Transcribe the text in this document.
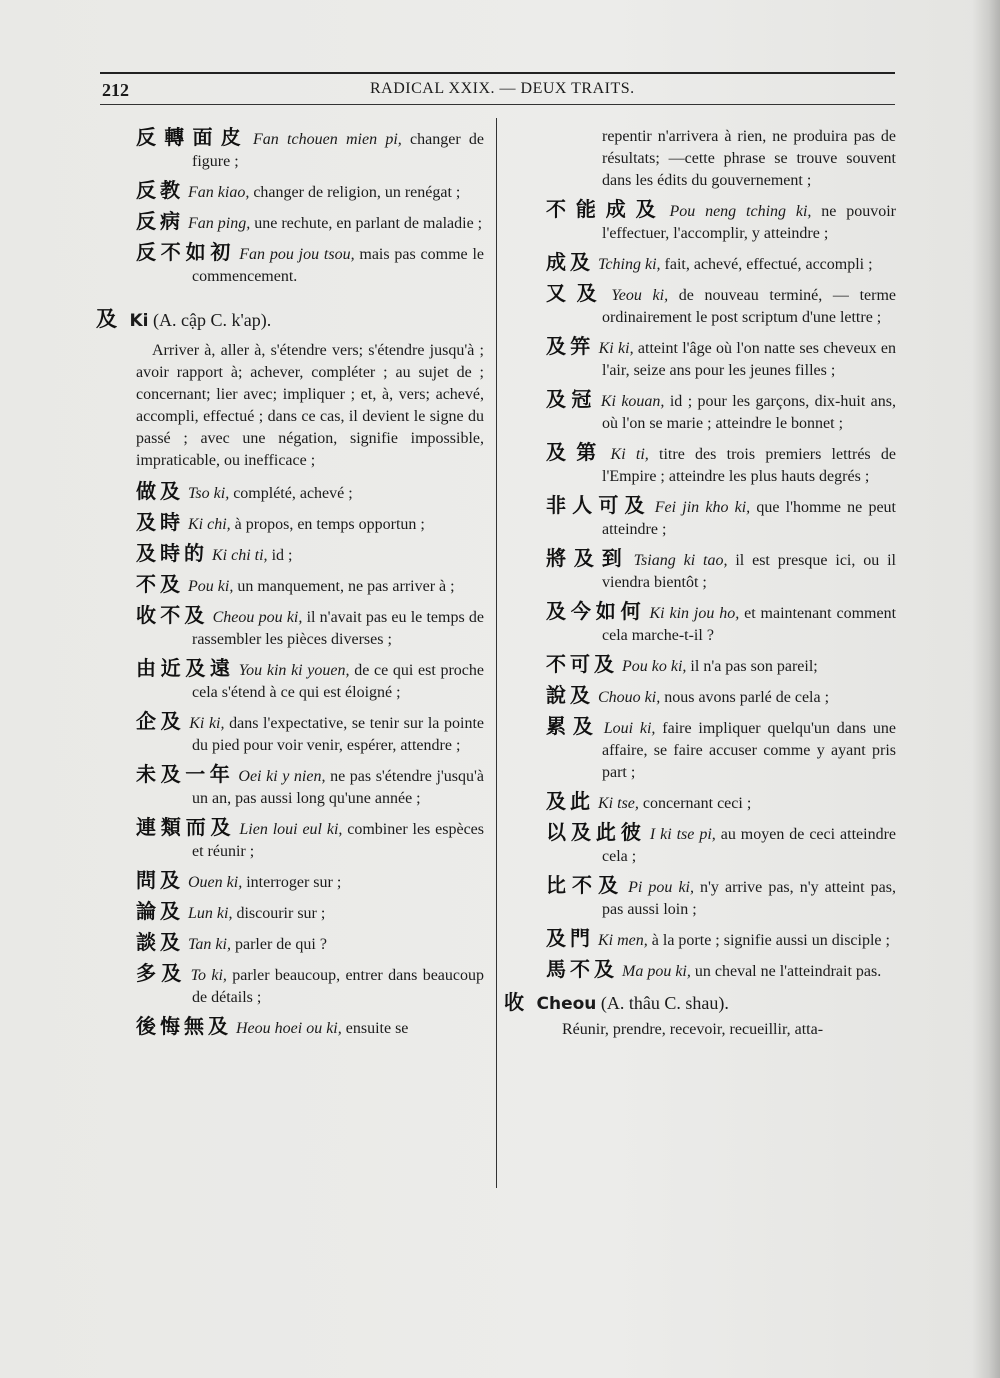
212	RADICAL XXIX. — DEUX TRAITS.
反轉面皮 Fan tchouen mien pi, changer de figure ;
反教 Fan kiao, changer de religion, un renégat ;
反病 Fan ping, une rechute, en parlant de maladie ;
反不如初 Fan pou jou tsou, mais pas comme le commencement.
及 Ki (A. cập C. k'ap).
Arriver à, aller à, s'étendre vers; s'étendre jusqu'à ; avoir rapport à; achever, compléter ; au sujet de ; concernant; lier avec; impliquer ; et, à, vers; achevé, accompli, effectué ; dans ce cas, il devient le signe du passé ; avec une négation, signifie impossible, impraticable, ou inefficace ;
做及 Tso ki, complété, achevé ;
及時 Ki chi, à propos, en temps opportun ;
及時的 Ki chi ti, id ;
不及 Pou ki, un manquement, ne pas arriver à ;
收不及 Cheou pou ki, il n'avait pas eu le temps de rassembler les pièces diverses ;
由近及遠 You kin ki youen, de ce qui est proche cela s'étend à ce qui est éloigné ;
企及 Ki ki, dans l'expectative, se tenir sur la pointe du pied pour voir venir, espérer, attendre ;
未及一年 Oei ki y nien, ne pas s'étendre j'usqu'à un an, pas aussi long qu'une année ;
連類而及 Lien loui eul ki, combiner les espèces et réunir ;
問及 Ouen ki, interroger sur ;
論及 Lun ki, discourir sur ;
談及 Tan ki, parler de qui ?
多及 To ki, parler beaucoup, entrer dans beaucoup de détails ;
後悔無及 Heou hoei ou ki, ensuite se
repentir n'arrivera à rien, ne produira pas de résultats; —cette phrase se trouve souvent dans les édits du gouvernement ;
不能成及 Pou neng tching ki, ne pouvoir l'effectuer, l'accomplir, y atteindre ;
成及 Tching ki, fait, achevé, effectué, accompli ;
又及 Yeou ki, de nouveau terminé, — terme ordinairement le post scriptum d'une lettre ;
及笄 Ki ki, atteint l'âge où l'on natte ses cheveux en l'air, seize ans pour les jeunes filles ;
及冠 Ki kouan, id ; pour les garçons, dix-huit ans, où l'on se marie ; atteindre le bonnet ;
及第 Ki ti, titre des trois premiers lettrés de l'Empire ; atteindre les plus hauts degrés ;
非人可及 Fei jin kho ki, que l'homme ne peut atteindre ;
將及到 Tsiang ki tao, il est presque ici, ou il viendra bientôt ;
及今如何 Ki kin jou ho, et maintenant comment cela marche-t-il ?
不可及 Pou ko ki, il n'a pas son pareil;
說及 Chouo ki, nous avons parlé de cela ;
累及 Loui ki, faire impliquer quelqu'un dans une affaire, se faire accuser comme y ayant pris part ;
及此 Ki tse, concernant ceci ;
以及此彼 I ki tse pi, au moyen de ceci atteindre cela ;
比不及 Pi pou ki, n'y arrive pas, n'y atteint pas, pas aussi loin ;
及門 Ki men, à la porte ; signifie aussi un disciple ;
馬不及 Ma pou ki, un cheval ne l'atteindrait pas.
收 Cheou (A. thâu C. shau).
Réunir, prendre, recevoir, recueillir, atta-
